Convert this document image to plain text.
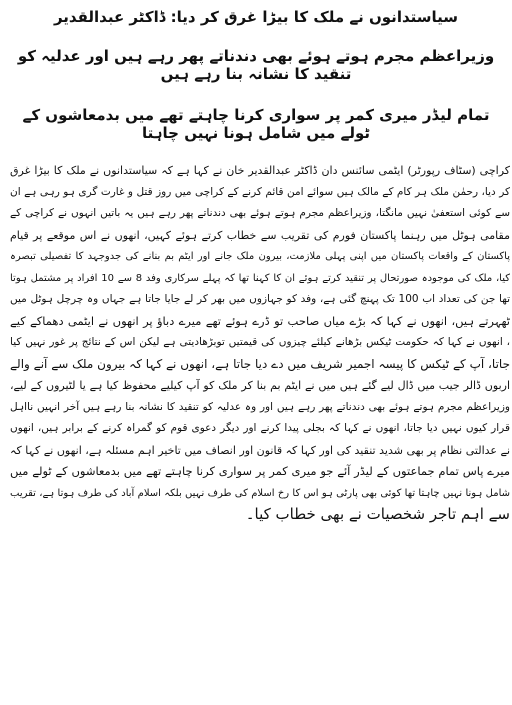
سیاستدانوں نے ملک کا بیڑا غرق کر دیا: ڈاکٹر عبدالقدیر
وزیراعظم مجرم ہوتے ہوئے بھی دندناتے پھر رہے ہیں اور عدلیہ کو تنقید کا نشانہ بنا رہے ہیں
تمام لیڈر میری کمر پر سواری کرنا چاہتے تھے میں بدمعاشوں کے ٹولے میں شامل ہونا نہیں چاہتا
کراچی (سٹاف رپورٹر) ایٹمی سائنس دان ڈاکٹر عبدالقدیر خان نے کہا ہے کہ سیاستدانوں نے ملک کا بیڑا غرق
کر دیا، رحمٰن ملک ہر کام کے مالک ہیں سوائے امن قائم کرنے کے کراچی میں روز قتل و غارت گری ہو رہی ہے ان
سے کوئی استعفیٰ نہیں مانگتا، وزیراعظم مجرم ہوتے ہوئے بھی دندناتے پھر رہے ہیں یہ باتیں انہوں نے کراچی کے
مقامی ہوٹل میں رہنما پاکستان فورم کی تقریب سے خطاب کرتے ہوئے کہیں، انھوں نے اس موقعے پر قیام
پاکستان کے واقعات پاکستان میں اپنی پہلی ملازمت، بیرون ملک جانے اور ایٹم بم بنانے کی جدوجہد کا تفصیلی تبصرہ
کیا، ملک کی موجودہ صورتحال پر تنقید کرتے ہوئے ان کا کہنا تھا کہ پہلے سرکاری وفد 8 سے 10 افراد پر مشتمل ہوتا
تھا جن کی تعداد اب 100 تک پہنچ گئی ہے، وفد کو جہازوں میں بھر کر لے جایا جاتا ہے جہاں وہ چرچل ہوٹل میں
ٹھہرتے ہیں، انھوں نے کہا کہ بڑے میاں صاحب تو ڈرے ہوئے تھے میرے دباؤ پر انھوں نے ایٹمی دھماکے کیے
، انھوں نے کہا کہ حکومت ٹیکس بڑھانے کیلئے چیزوں کی قیمتیں توبڑھادیتی ہے لیکن اس کے نتائج پر غور نہیں کیا
جاتا، آپ کے ٹیکس کا پیسہ اجمیر شریف میں دے دیا جاتا ہے، انھوں نے کہا کہ بیرون ملک سے آنے والے
اربوں ڈالر جیب میں ڈال لیے گئے ہیں میں نے ایٹم بم بنا کر ملک کو آپ کیلیے محفوظ کیا ہے یا لٹیروں کے لیے،
وزیراعظم مجرم ہوتے ہوئے بھی دندناتے پھر رہے ہیں اور وہ عدلیہ کو تنقید کا نشانہ بنا رہے ہیں آخر انہیں نااہل
قرار کیوں نہیں دیا جاتا، انھوں نے کہا کہ بجلی پیدا کرنے اور دیگر دعوی قوم کو گمراہ کرنے کے برابر ہیں، انھوں
نے عدالتی نظام پر بھی شدید تنقید کی اور کہا کہ قانون اور انصاف میں تاخیر اہم مسئلہ ہے، انھوں نے کہا کہ
میرے پاس تمام جماعتوں کے لیڈر آئے جو میری کمر پر سواری کرنا چاہتے تھے میں بدمعاشوں کے ٹولے میں
شامل ہونا نہیں چاہتا تھا کوئی بھی پارٹی ہو اس کا رخ اسلام کی طرف نہیں بلکہ اسلام آباد کی طرف ہوتا ہے، تقریب
سے اہم تاجر شخصیات نے بھی خطاب کیا۔
